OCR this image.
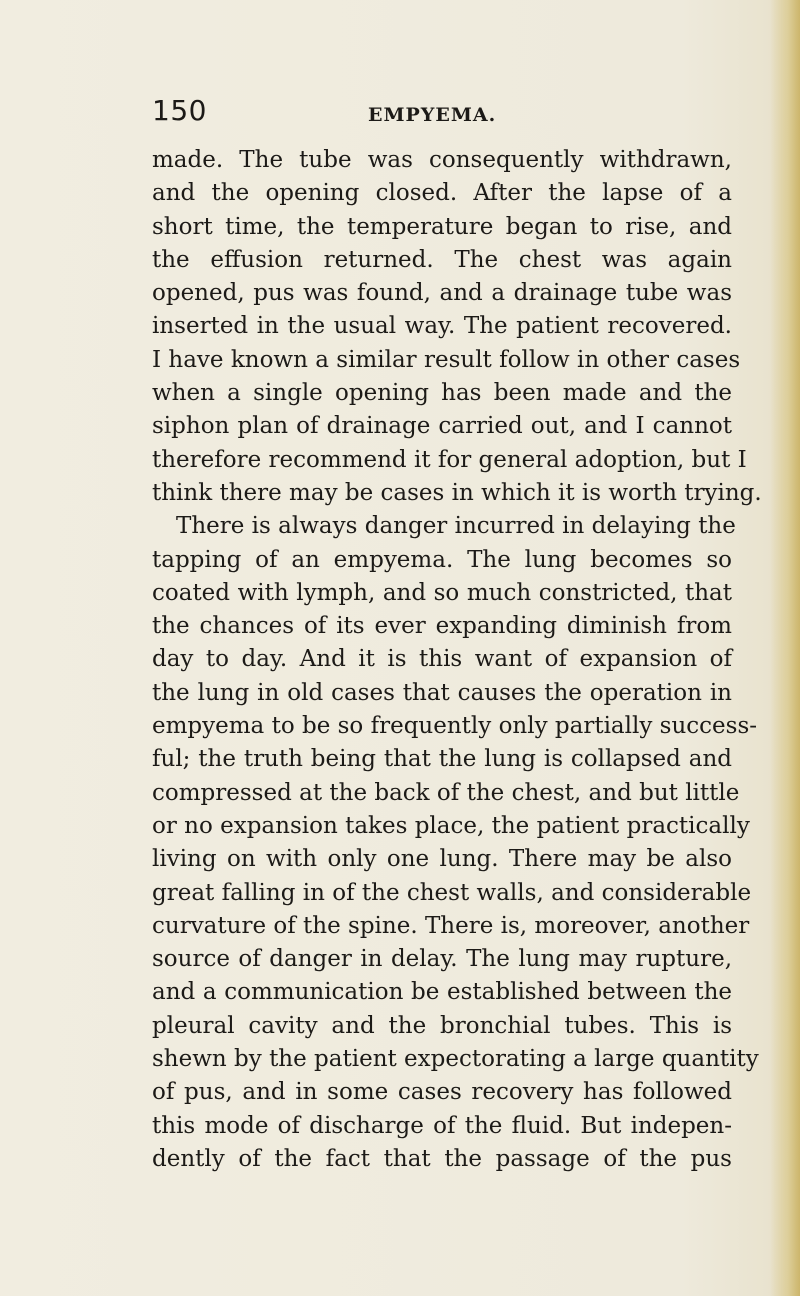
150	EMPYEMA.
made. The tube was consequently withdrawn,
and the opening closed. After the lapse of a
short time, the temperature began to rise, and
the effusion returned. The chest was again
opened, pus was found, and a drainage tube was
inserted in the usual way. The patient recovered.
I have known a similar result follow in other cases
when a single opening has been made and the
siphon plan of drainage carried out, and I cannot
therefore recommend it for general adoption, but I
think there may be cases in which it is worth trying.
There is always danger incurred in delaying the
tapping of an empyema. The lung becomes so
coated with lymph, and so much constricted, that
the chances of its ever expanding diminish from
day to day. And it is this want of expansion of
the lung in old cases that causes the operation in
empyema to be so frequently only partially success-
ful; the truth being that the lung is collapsed and
compressed at the back of the chest, and but little
or no expansion takes place, the patient practically
living on with only one lung. There may be also
great falling in of the chest walls, and considerable
curvature of the spine. There is, moreover, another
source of danger in delay. The lung may rupture,
and a communication be established between the
pleural cavity and the bronchial tubes. This is
shewn by the patient expectorating a large quantity
of pus, and in some cases recovery has followed
this mode of discharge of the fluid. But indepen-
dently of the fact that the passage of the pus
